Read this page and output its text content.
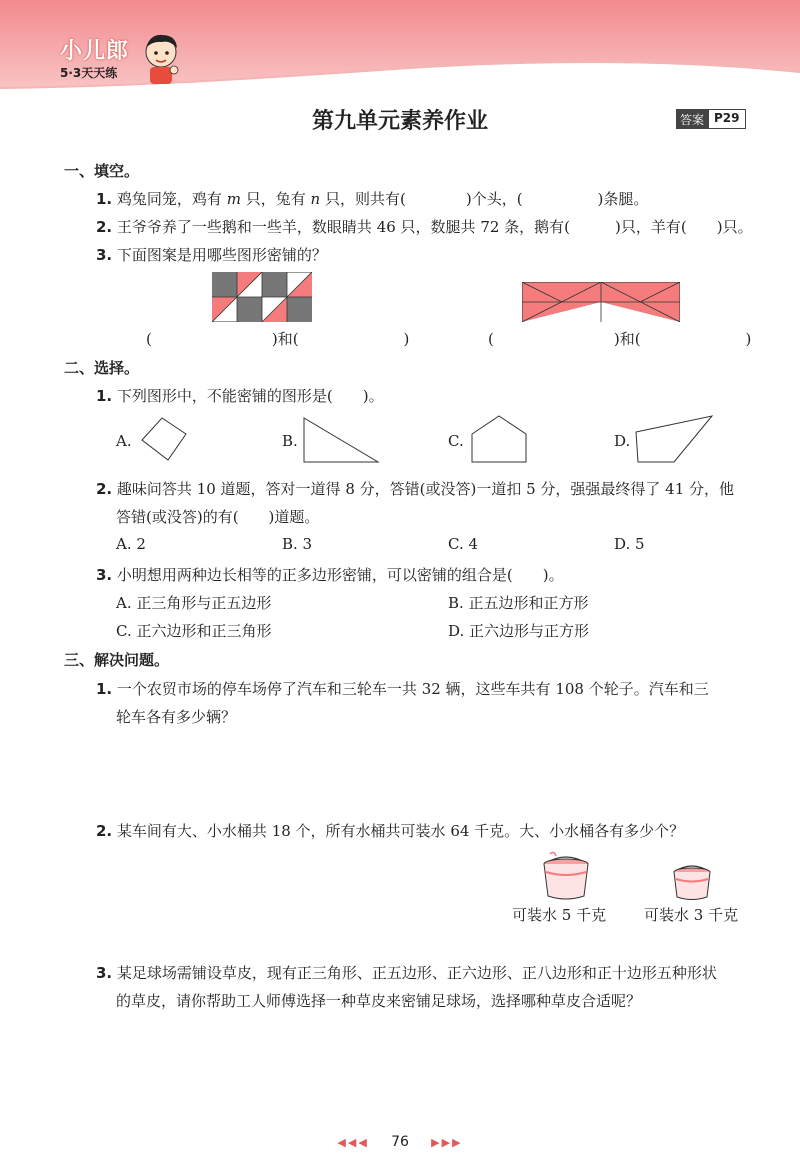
小儿郎
5·3天天练
第九单元素养作业	答案 P29
一、填空。
1. 鸡兔同笼，鸡有 m 只，兔有 n 只，则共有(　　　　)个头，(　　　　　)条腿。
2. 王爷爷养了一些鹅和一些羊，数眼睛共 46 只，数腿共 72 条，鹅有(　　　)只，羊有(　　)只。
3. 下面图案是用哪些图形密铺的？
(　　　　　　　　)和(　　　　　　　)	(　　　　　　　　)和(　　　　　　　)
二、选择。
1. 下列图形中，不能密铺的图形是(　　)。
A.	B.	C.	D.
2. 趣味问答共 10 道题，答对一道得 8 分，答错(或没答)一道扣 5 分，强强最终得了 41 分，他
答错(或没答)的有(　　)道题。
A. 2	B. 3	C. 4	D. 5
3. 小明想用两种边长相等的正多边形密铺，可以密铺的组合是(　　)。
A. 正三角形与正五边形	B. 正五边形和正方形
C. 正六边形和正三角形	D. 正六边形与正方形
三、解决问题。
1. 一个农贸市场的停车场停了汽车和三轮车一共 32 辆，这些车共有 108 个轮子。汽车和三
轮车各有多少辆？
2. 某车间有大、小水桶共 18 个，所有水桶共可装水 64 千克。大、小水桶各有多少个？
可装水 5 千克	可装水 3 千克
3. 某足球场需铺设草皮，现有正三角形、正五边形、正六边形、正八边形和正十边形五种形状
的草皮，请你帮助工人师傅选择一种草皮来密铺足球场，选择哪种草皮合适呢？
◀◀◀ 76 ▶▶▶
